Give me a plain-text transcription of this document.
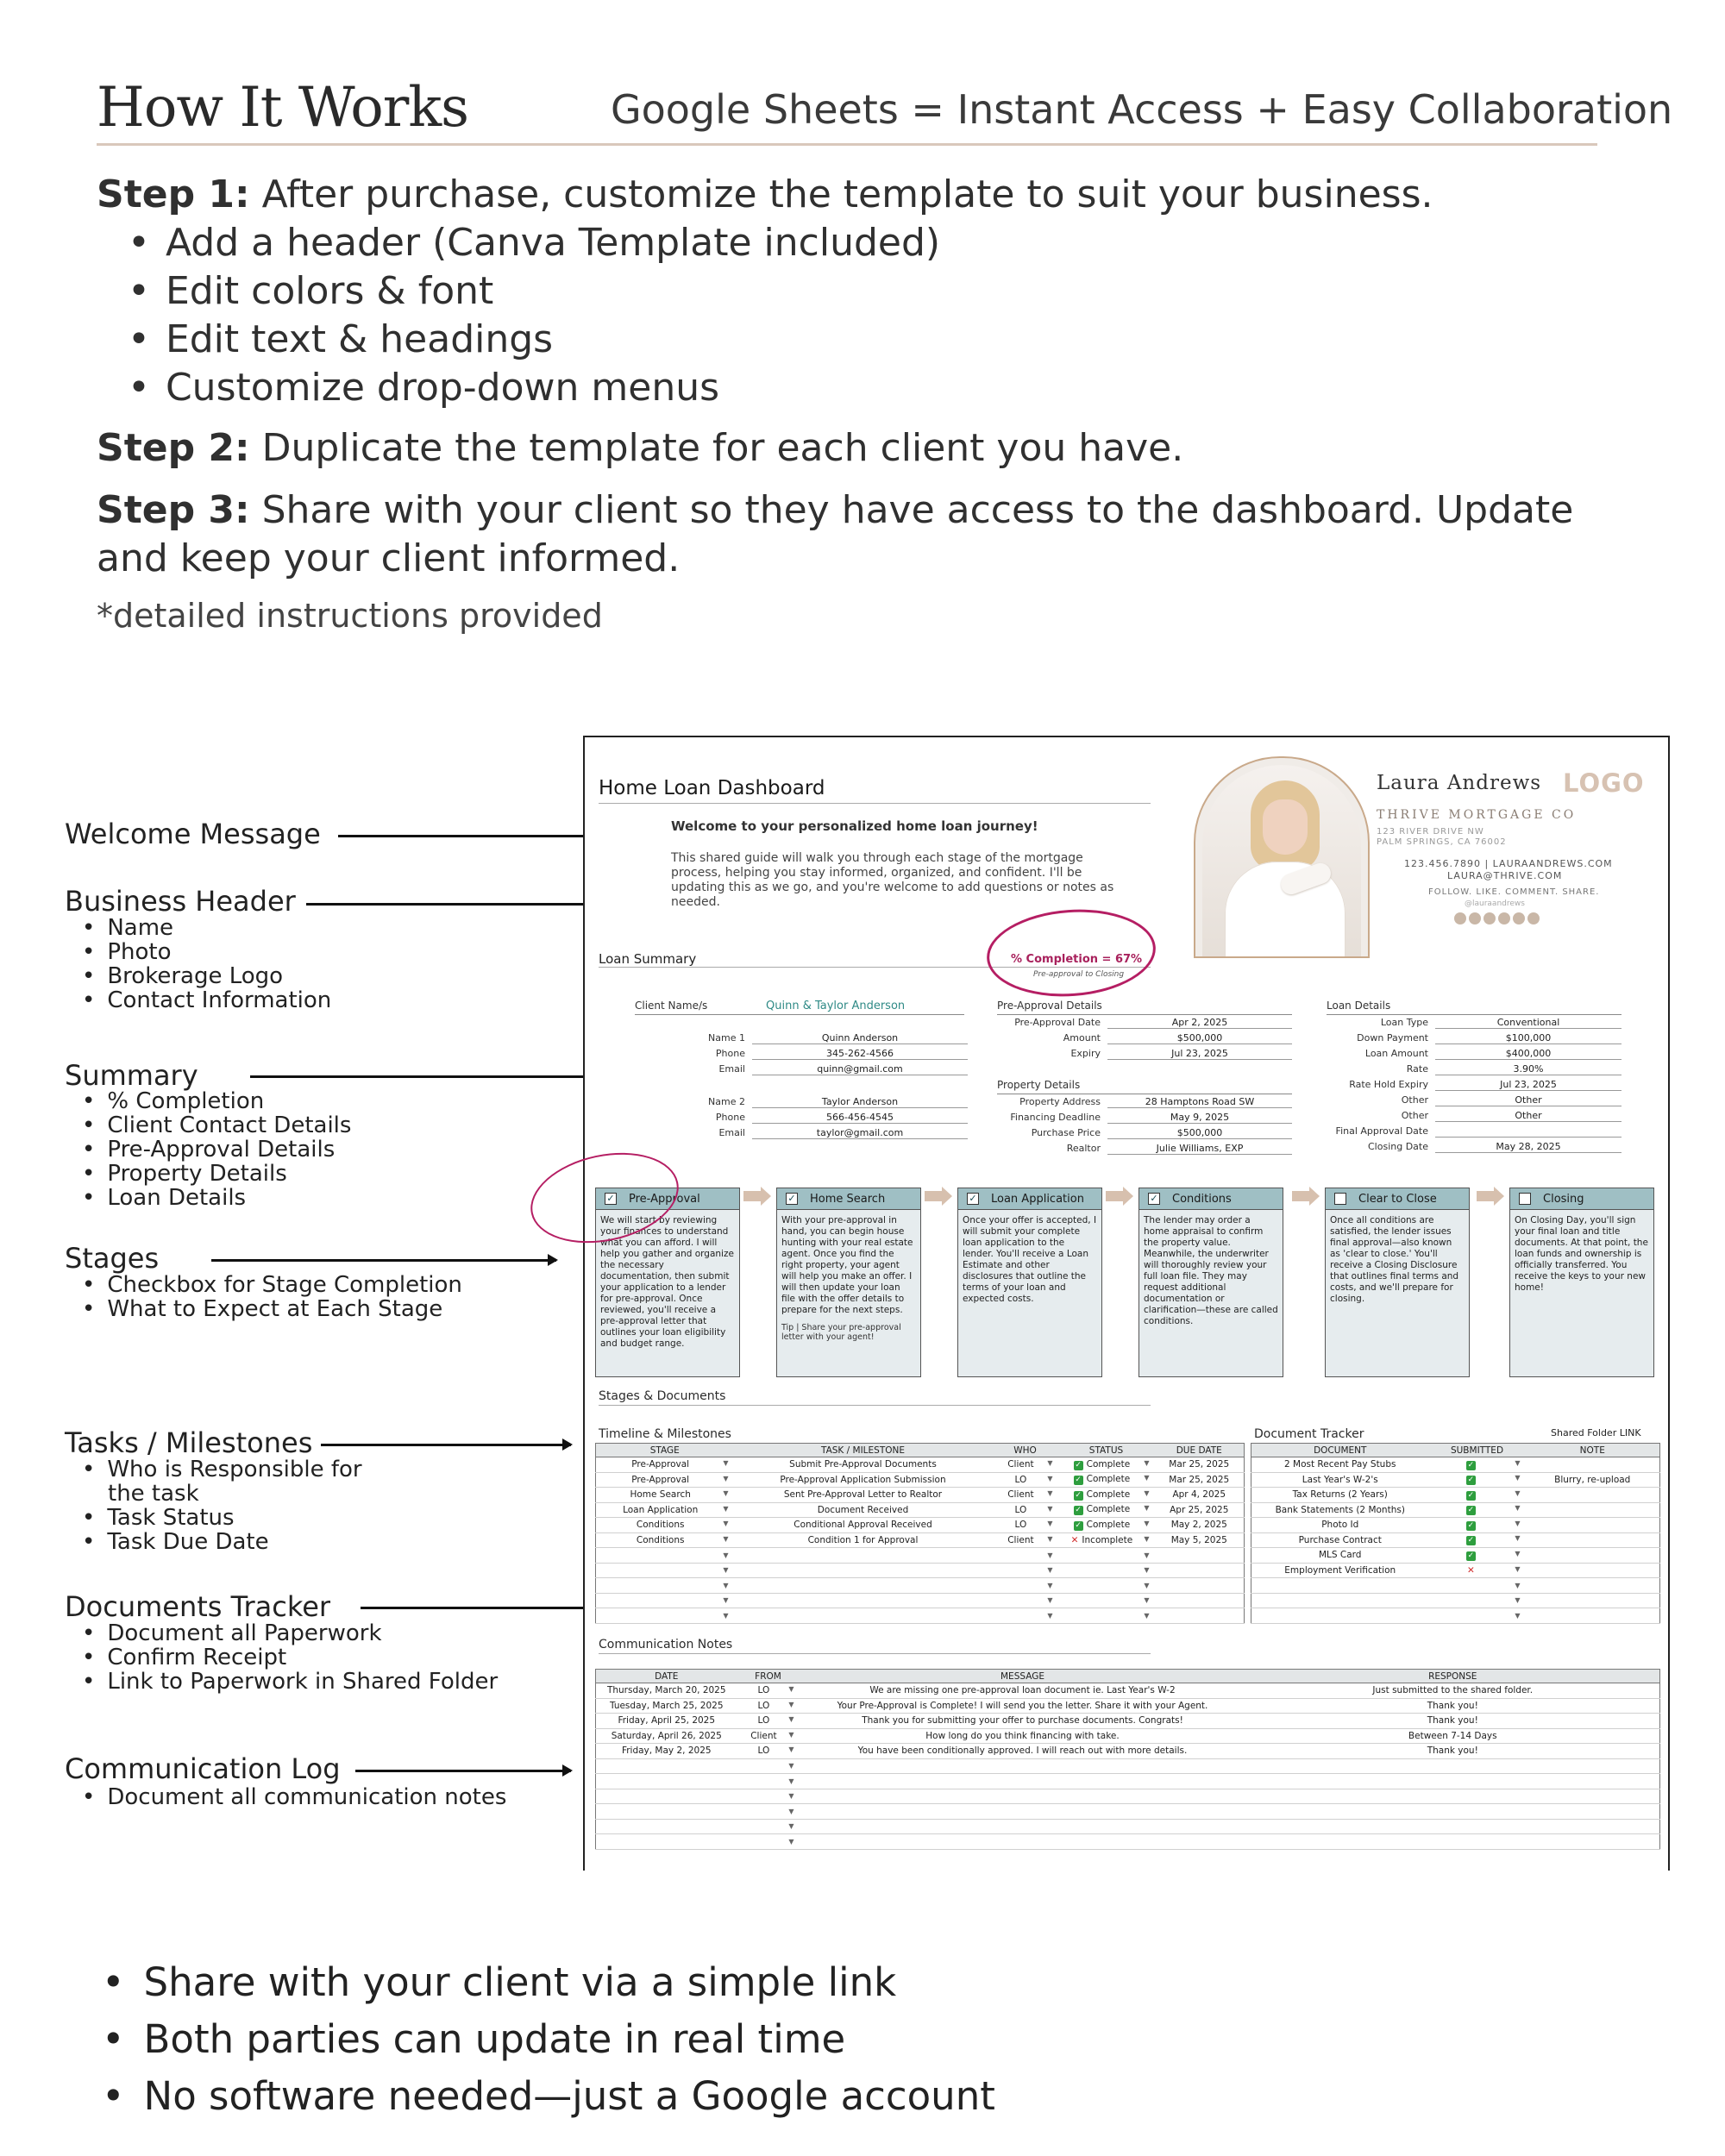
How It Works	Google Sheets = Instant Access + Easy Collaboration
Step 1: After purchase, customize the template to suit your business.
• Add a header (Canva Template included)
• Edit colors & font
• Edit text & headings
• Customize drop-down menus
Step 2: Duplicate the template for each client you have.
Step 3: Share with your client so they have access to the dashboard. Update
and keep your client informed.
*detailed instructions provided
Welcome Message
Business Header
• Name
• Photo
• Brokerage Logo
• Contact Information
Summary
• % Completion
• Client Contact Details
• Pre-Approval Details
• Property Details
• Loan Details
Stages
• Checkbox for Stage Completion
• What to Expect at Each Stage
Tasks / Milestones
• Who is Responsible for
the task
• Task Status
• Task Due Date
Documents Tracker
• Document all Paperwork
• Confirm Receipt
• Link to Paperwork in Shared Folder
Communication Log
• Document all communication notes
Home Loan Dashboard
Welcome to your personalized home loan journey!
This shared guide will walk you through each stage of the mortgage process, helping you stay informed, organized, and confident. I'll be updating this as we go, and you're welcome to add questions or notes as needed.
Laura Andrews LOGO
THRIVE MORTGAGE CO
123 RIVER DRIVE NW
PALM SPRINGS, CA 76002
123.456.7890 | LAURAANDREWS.COM
LAURA@THRIVE.COM
FOLLOW. LIKE. COMMENT. SHARE.
@lauraandrews
Loan Summary	% Completion = 67%
Pre-approval to Closing
Client Name/s	Quinn & Taylor Anderson
Name 1	Quinn Anderson
Phone	345-262-4566
Email	quinn@gmail.com
Name 2	Taylor Anderson
Phone	566-456-4545
Email	taylor@gmail.com
Pre-Approval Details
Pre-Approval Date	Apr 2, 2025
Amount	$500,000
Expiry	Jul 23, 2025
Property Details
Property Address	28 Hamptons Road SW
Financing Deadline	May 9, 2025
Purchase Price	$500,000
Realtor	Julie Williams, EXP
Loan Details
Loan Type	Conventional
Down Payment	$100,000
Loan Amount	$400,000
Rate	3.90%
Rate Hold Expiry	Jul 23, 2025
Other	Other
Other	Other
Final Approval Date
Closing Date	May 28, 2025
✓ Pre-Approval
We will start by reviewing your finances to understand what you can afford. I will help you gather and organize the necessary documentation, then submit your application to a lender for pre-approval. Once reviewed, you'll receive a pre-approval letter that outlines your loan eligibility and budget range.
✓ Home Search
With your pre-approval in hand, you can begin house hunting with your real estate agent. Once you find the right property, your agent will help you make an offer. I will then update your loan file with the offer details to prepare for the next steps.
Tip | Share your pre-approval letter with your agent!
✓ Loan Application
Once your offer is accepted, I will submit your complete loan application to the lender. You'll receive a Loan Estimate and other disclosures that outline the terms of your loan and expected costs.
✓ Conditions
The lender may order a home appraisal to confirm the property value. Meanwhile, the underwriter will thoroughly review your full loan file. They may request additional documentation or clarification—these are called conditions.
Clear to Close
Once all conditions are satisfied, the lender issues final approval—also known as 'clear to close.' You'll receive a Closing Disclosure that outlines final terms and costs, and we'll prepare for closing.
Closing
On Closing Day, you'll sign your final loan and title documents. At that point, the loan funds and ownership is officially transferred. You receive the keys to your new home!
Stages & Documents
Timeline & Milestones	Document Tracker	Shared Folder LINK
STAGE	TASK / MILESTONE	WHO	STATUS	DUE DATE
Pre-Approval ▼	Submit Pre-Approval Documents	Client ▼	✓ Complete ▼	Mar 25, 2025
Pre-Approval ▼	Pre-Approval Application Submission	LO ▼	✓ Complete ▼	Mar 25, 2025
Home Search ▼	Sent Pre-Approval Letter to Realtor	Client ▼	✓ Complete ▼	Apr 4, 2025
Loan Application ▼	Document Received	LO ▼	✓ Complete ▼	Apr 25, 2025
Conditions ▼	Conditional Approval Received	LO ▼	✓ Complete ▼	May 2, 2025
Conditions ▼	Condition 1 for Approval	Client ▼	✕ Incomplete ▼	May 5, 2025

▼		▼	▼	

▼		▼	▼	

▼		▼	▼	

▼		▼	▼	

▼		▼	▼	

DOCUMENT	SUBMITTED	NOTE
2 Most Recent Pay Stubs	✓ ▼	

Last Year's W-2's	✓ ▼	Blurry, re-upload
Tax Returns (2 Years)	✓ ▼	

Bank Statements (2 Months)	✓ ▼	

Photo Id	✓ ▼	

Purchase Contract	✓ ▼	

MLS Card	✓ ▼	

Employment Verification	✕ ▼	

	▼	

	▼	

	▼	

Communication Notes
DATE	FROM	MESSAGE	RESPONSE
Thursday, March 20, 2025	LO ▼	We are missing one pre-approval loan document ie. Last Year's W-2	Just submitted to the shared folder.
Tuesday, March 25, 2025	LO ▼	Your Pre-Approval is Complete! I will send you the letter. Share it with your Agent.	Thank you!
Friday, April 25, 2025	LO ▼	Thank you for submitting your offer to purchase documents. Congrats!	Thank you!
Saturday, April 26, 2025	Client ▼	How long do you think financing with take.	Between 7-14 Days
Friday, May 2, 2025	LO ▼	You have been conditionally approved. I will reach out with more details.	Thank you!

	▼		

	▼		

	▼		

	▼		

	▼		

	▼		

• Share with your client via a simple link
• Both parties can update in real time
• No software needed—just a Google account
